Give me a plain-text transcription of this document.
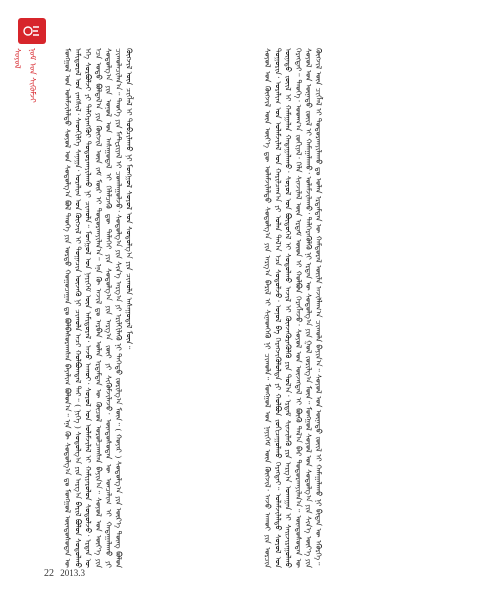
ᠰᠣᠶᠣᠯ ᠨᠣᠮ ᠤᠨ ᠰᠢᠭᠦᠮᠵᠢ	ᠮᠣᠩᠭᠣᠯ ᠤᠨ ᠤᠯᠠᠮᠵᠢᠯᠠᠯᠲᠤ ᠰᠣᠶᠣᠯ ᠤᠨ ᠰᠤᠳᠤᠯᠭ᠎ᠠ ᠪᠣᠯ ᠲᠡᠦᠬᠡ ᠶᠢᠨ ᠤᠷᠲᠤ ᠬᠤᠭᠤᠴᠠᠭᠠᠨ ᠳᠤ ᠪᠣᠯᠪᠠᠰᠤᠷᠠᠭᠰᠠᠨ ᠪᠠᠶᠠᠯᠢᠭ ᠪᠣᠯᠤᠨ᠎ᠠ᠃ ᠡᠨᠡ ᠬᠦ ᠰᠤᠳᠤᠯᠭ᠎ᠠ ᠳᠤ ᠮᠣᠩᠭᠣᠯ ᠦᠨᠳᠦᠰᠦᠲᠡᠨ ᠦ ᠠᠮᠢᠳᠤᠷᠠᠯ ᠤᠨ ᠵᠠᠩᠰᠢᠯ᠂ ᠰᠡᠳᠬᠢᠯᠭᠡ ᠰᠠᠨᠠᠭᠠ᠂ ᠤᠷᠠᠯᠢᠭ ᠤᠨ ᠬᠥᠭᠵᠢᠯ ᠢ ᠲᠣᠭᠠᠴᠢᠨ ᠦᠵᠡᠬᠦ ᠨᠢ ᠴᠢᠬᠤᠯᠠ ᠠᠴᠢ ᠬᠣᠯᠪᠣᠭᠳᠠᠯ ᠲᠠᠢ᠃ ( ᠨᠢᠭᠡ ) ᠰᠤᠳᠤᠯᠭ᠎ᠠ ᠶᠢᠨ ᠠᠷᠭ᠎ᠠ ᠪᠠᠷᠢᠯ ᠪᠣᠯᠣᠨ ᠰᠤᠳᠤᠯᠬᠤ ᠡᠬᠡ ᠰᠤᠷᠪᠤᠯᠵᠢ ᠶᠢ ᠳᠡᠯᠭᠡᠷᠡᠩᠭᠦᠢ ᠲᠣᠳᠣᠷᠬᠠᠶᠢᠯᠠᠬᠤ ᠨᠢ ᠴᠢᠬᠤᠯᠠ᠃ ᠮᠣᠩᠭᠣᠯ ᠤᠨ ᠨᠡᠶᠢᠭᠡᠮ ᠦᠨ ᠠᠮᠢᠳᠤᠷᠠᠯ᠂ ᠠᠵᠤ ᠠᠬᠤᠢ᠂ ᠰᠣᠶᠣᠯ ᠤᠨ ᠤᠯᠠᠮᠵᠢᠯᠠᠯ ᠢ ᠬᠠᠮᠢᠶᠠᠷᠤᠯᠤᠨ ᠰᠤᠳᠤᠯᠵᠤ᠂ ᠡᠷᠲᠡᠨ ᠦ ᠡᠴᠡ ᠣᠳᠣ ᠪᠣᠯᠲᠠᠯ᠎ᠠ ᠶᠢᠨ ᠬᠥᠭᠵᠢᠯ ᠦᠨ ᠵᠠᠮ ᠮᠥᠷ ᠢ ᠲᠣᠳᠣᠷᠬᠠᠶᠢᠯᠠᠨ᠎ᠠ᠃ ᠡᠨᠡ ᠬᠦ ᠠᠵᠢᠯ ᠳᠤ ᠠᠷᠪᠠᠨ ᠣᠯᠠᠨ ᠡᠷᠳᠡᠮᠲᠡᠨ ᠦ ᠬᠦᠴᠦᠯ ᠣᠷᠣᠯᠴᠠᠭᠰᠠᠨ ᠪᠠᠶᠢᠨ᠎ᠠ᠃ ᠰᠣᠶᠣᠯ ᠤᠨ ᠦᠶ᠎ᠡ ᠶᠢᠨ ᠰᠤᠳᠤᠯᠭ᠎ᠠ ᠶᠢᠨ ᠣᠨᠣᠯ ᠤᠨ ᠠᠰᠠᠭᠤᠳᠠᠯ ᠢ ᠬᠡᠯᠡᠯᠴᠡᠬᠦ ᠳᠦ ᠳᠡᠯᠡᠬᠡᠢ ᠶᠢᠨ ᠰᠤᠳᠤᠯᠭ᠎ᠠ ᠶᠢᠨ ᠠᠷᠭ᠎ᠠ ᠵᠦᠢ ᠶᠢ ᠰᠢᠭᠦᠮᠵᠢᠯᠡᠵᠦ᠂ ᠦᠨᠳᠦᠰᠦᠲᠡᠨ ᠦ ᠣᠨᠴᠠᠯᠢᠭ ᠢ ᠬᠠᠳᠠᠭᠠᠯᠠᠬᠤ ᠶᠢ ᠴᠢᠬᠤᠯᠠᠴᠢᠯᠠᠨ᠎ᠠ᠃ ᠲᠡᠦᠬᠡ ᠶᠢᠨ ᠮᠠᠲ᠋ᠧᠷᠢᠶᠠᠯ ᠢ ᠴᠤᠭᠯᠠᠭᠤᠯᠵᠤ᠂ ᠰᠤᠳᠤᠯᠭ᠎ᠠ ᠶᠢᠨ ᠰᠢᠨ᠎ᠡ ᠠᠷᠭ᠎ᠠ ᠶᠢ ᠡᠷᠢᠯᠬᠢᠯᠡᠬᠦ ᠨᠢ ᠳᠡᠭᠡᠳᠦ ᠵᠣᠷᠢᠯᠭ᠎ᠠ ᠮᠥᠨ᠃ ( ᠬᠣᠶᠠᠷ ) ᠰᠤᠳᠤᠯᠭ᠎ᠠ ᠶᠢᠨ ᠦᠷ᠎ᠡ ᠳᠦᠩ ᠪᠣᠯᠣᠨ ᠬᠥᠭᠵᠢᠯ ᠦᠨ ᠴᠢᠭᠯᠡᠯ ᠢ ᠲᠣᠪᠴᠢᠯᠠᠬᠤ ᠨᠢ ᠮᠣᠩᠭᠣᠯ ᠰᠣᠶᠣᠯ ᠤᠨ ᠰᠤᠳᠤᠯᠭ᠎ᠠ ᠶᠢᠨ ᠴᠢᠬᠤᠯᠠ ᠠᠰᠠᠭᠤᠳᠠᠯ ᠮᠥᠨ᠃	ᠰᠣᠶᠣᠯ ᠤᠨ ᠬᠥᠭᠵᠢᠯ ᠦᠨ ᠦᠶ᠎ᠡ ᠳᠦ ᠤᠯᠠᠮᠵᠢᠯᠠᠯᠲᠤ ᠰᠤᠳᠤᠯᠭ᠎ᠠ ᠶᠢᠨ ᠠᠷᠭ᠎ᠠ ᠪᠠᠷᠢᠯ ᠢ ᠰᠢᠨᠡᠳᠭᠡᠬᠦ ᠨᠢ ᠴᠢᠬᠤᠯᠠ᠃ ᠮᠣᠩᠭᠣᠯ ᠤᠨ ᠨᠡᠶᠢᠭᠡᠮ ᠦᠨ ᠬᠥᠭᠵᠢᠯ᠂ ᠠᠵᠤ ᠠᠬᠤᠢ ᠶᠢᠨ ᠣᠷᠴᠢᠨ ᠲᠣᠭᠣᠷᠢᠨ᠂ ᠤᠷᠠᠯᠢᠭ ᠤᠨ ᠤᠯᠠᠮᠵᠢᠯᠠᠯ ᠤᠨ ᠬᠠᠷᠢᠯᠴᠠᠭ᠎ᠠ ᠶᠢ ᠣᠯᠠᠨ ᠲᠠᠯ᠎ᠠ ᠡᠴᠡ ᠰᠤᠳᠤᠯᠵᠤ᠂ ᠣᠨᠣᠯ ᠪᠠ ᠬᠡᠷᠡᠭᠵᠢᠭᠦᠯᠦᠯᠲᠡ ᠶᠢ ᠬᠣᠯᠪᠣᠨ ᠵᠣᠬᠢᠴᠠᠭᠤᠯᠬᠤ ᠬᠡᠷᠡᠭᠲᠡᠶ᠃ ᠤᠯᠠᠮᠵᠢᠯᠠᠯᠲᠤ ᠰᠣᠶᠣᠯ ᠤᠨ ᠦᠨᠡᠲᠦ ᠵᠦᠢᠯ ᠢ ᠬᠠᠮᠠᠭᠠᠯᠠᠨ ᠬᠠᠳᠠᠭᠠᠯᠠᠬᠤ᠂ ᠰᠣᠶᠣᠯ ᠤᠨ ᠪᠦᠲᠦᠭᠡᠯ ᠢ ᠰᠤᠳᠤᠯᠬᠤ ᠠᠵᠢᠯ ᠢ ᠭᠦᠨᠵᠡᠭᠦᠷᠡᠭᠦᠯᠬᠦ ᠶᠢᠨ ᠲᠤᠯ᠎ᠠ᠂ ᠡᠷᠳᠡᠮ ᠰᠢᠨᠵᠢᠯᠡᠬᠦ ᠶᠢᠨ ᠠᠷᠭ᠎ᠠ ᠤᠬᠠᠭᠠᠨ ᠢ ᠰᠠᠢᠵᠢᠷᠠᠭᠤᠯᠬᠤ ᠬᠡᠷᠡᠭᠲᠡᠶ᠃ ᠲᠡᠦᠬᠡ᠂ ᠤᠳᠬ᠎ᠠ ᠵᠣᠬᠢᠶᠠᠯ᠂ ᠬᠡᠯᠡ ᠰᠢᠨᠵᠢᠯᠡᠯ ᠦᠨ ᠡᠷᠳᠡᠮ ᠦᠳ ᠢ ᠬᠣᠯᠪᠣᠨ ᠬᠡᠷᠡᠭᠯᠡᠵᠦ᠂ ᠰᠣᠶᠣᠯ ᠤᠨ ᠦᠵᠡᠭᠳᠡᠯ ᠢ ᠪᠦᠬᠦ ᠲᠠᠯ᠎ᠠ ᠪᠠᠷ ᠲᠣᠳᠣᠷᠬᠠᠶᠢᠯᠠᠨ᠎ᠠ᠃ ᠦᠨᠳᠦᠰᠦᠲᠡᠨ ᠦ ᠰᠣᠶᠣᠯ ᠤᠨ ᠦᠨᠡᠲᠦ ᠵᠦᠢᠯ ᠢ ᠬᠠᠮᠠᠭᠠᠯᠠᠬᠤ᠂ ᠤᠯᠠᠮᠵᠢᠯᠠᠬᠤ᠂ ᠳᠡᠯᠭᠡᠷᠡᠭᠦᠯᠬᠦ ᠨᠢ ᠡᠷᠲᠡᠨ ᠦ ᠰᠤᠳᠤᠯᠭ᠎ᠠ ᠶᠢᠨ ᠭᠣᠯ ᠵᠣᠷᠢᠯᠭ᠎ᠠ ᠮᠥᠨ᠃ ᠮᠣᠩᠭᠣᠯ ᠰᠣᠶᠣᠯ ᠤᠨ ᠰᠤᠳᠤᠯᠭ᠎ᠠ ᠶᠢᠨ ᠰᠢᠨ᠎ᠡ ᠦᠶ᠎ᠡ ᠶᠢᠨ ᠬᠥᠭᠵᠢᠯ ᠦᠨ ᠴᠢᠭᠯᠡᠯ ᠢ ᠲᠣᠳᠣᠷᠬᠠᠶᠢᠯᠠᠬᠤ ᠳᠤ ᠣᠯᠠᠨ ᠡᠷᠳᠡᠮᠲᠡᠨ ᠦ ᠬᠠᠮᠲᠤᠷᠠᠯ ᠦᠢᠯᠡ ᠠᠵᠢᠯᠯᠠᠭ᠎ᠠ ᠴᠢᠬᠤᠯᠠ ᠪᠠᠶᠢᠨ᠎ᠠ᠃ ᠰᠣᠶᠣᠯ ᠤᠨ ᠦᠨᠡᠲᠦ ᠵᠦᠢᠯ ᠢ ᠬᠠᠮᠠᠭᠠᠯᠠᠬᠤ ᠨᠢ ᠪᠢᠳᠡᠨ ᠦ ᠡᠭᠦᠷᠭᠡ᠃
22 2013.3
